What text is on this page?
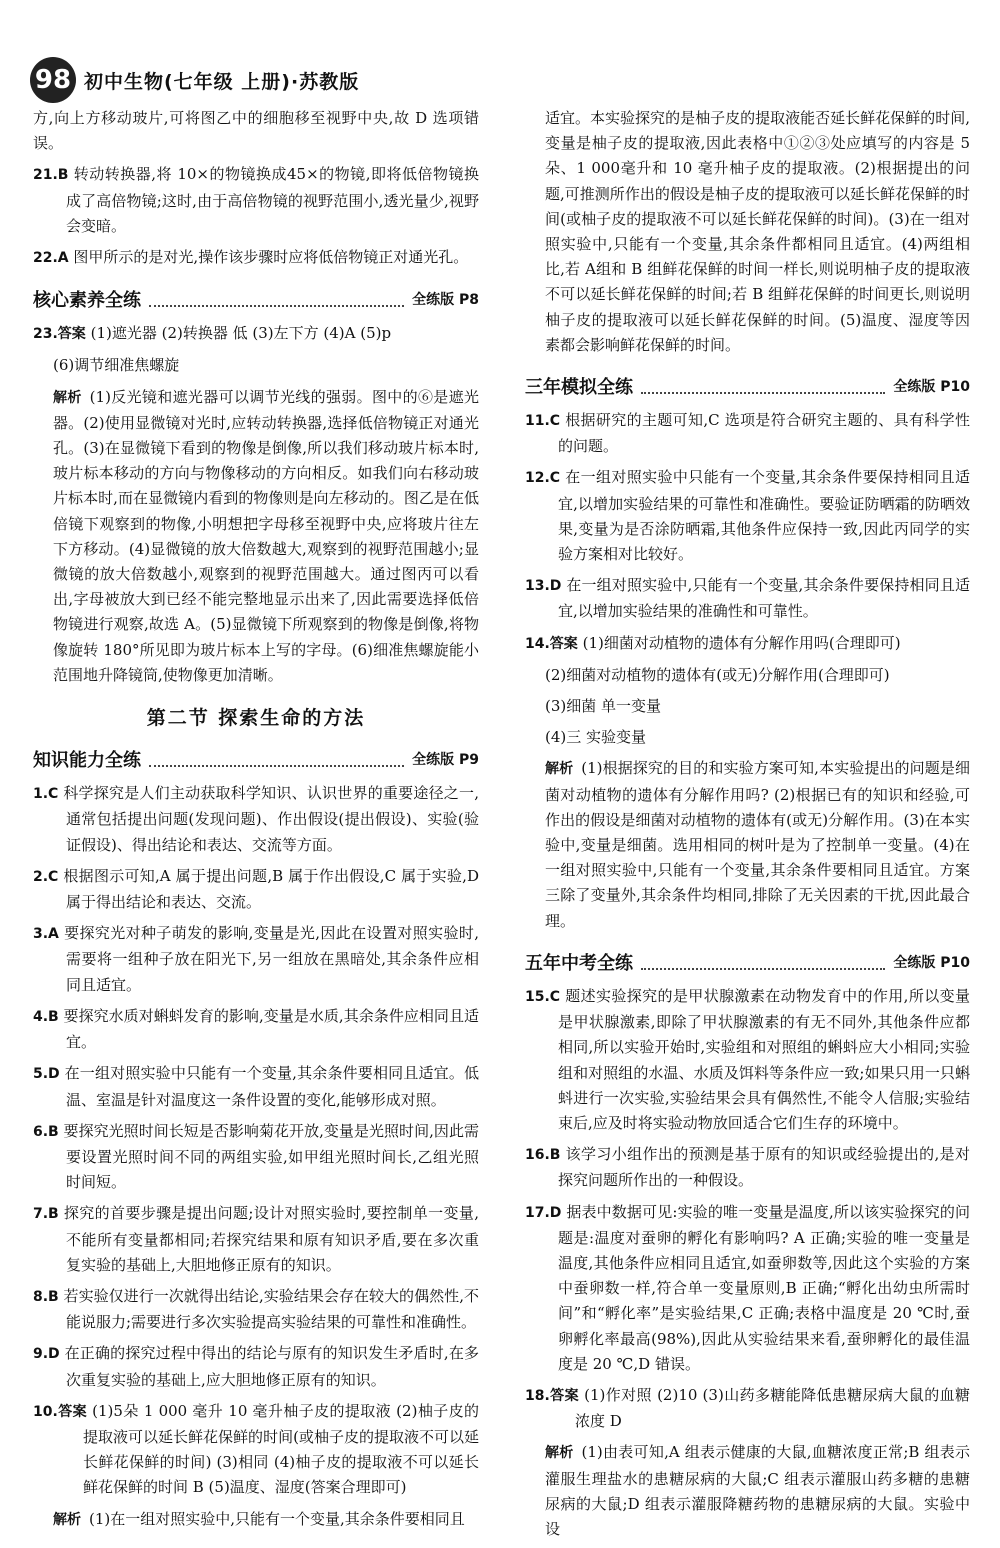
98 初中生物(七年级 上册)·苏教版

方,向上方移动玻片,可将图乙中的细胞移至视野中央,故 D 选项错误。

21.B 转动转换器,将 10×的物镜换成45×的物镜,即将低倍物镜换成了高倍物镜;这时,由于高倍物镜的视野范围小,透光量少,视野会变暗。

22.A 图甲所示的是对光,操作该步骤时应将低倍物镜正对通光孔。

核心素养全练	全练版 P8

23.答案 (1)遮光器 (2)转换器 低 (3)左下方 (4)A (5)p

(6)调节细准焦螺旋

解析 (1)反光镜和遮光器可以调节光线的强弱。图中的⑥是遮光器。(2)使用显微镜对光时,应转动转换器,选择低倍物镜正对通光孔。(3)在显微镜下看到的物像是倒像,所以我们移动玻片标本时,玻片标本移动的方向与物像移动的方向相反。如我们向右移动玻片标本时,而在显微镜内看到的物像则是向左移动的。图乙是在低倍镜下观察到的物像,小明想把字母移至视野中央,应将玻片往左下方移动。(4)显微镜的放大倍数越大,观察到的视野范围越小;显微镜的放大倍数越小,观察到的视野范围越大。通过图丙可以看出,字母被放大到已经不能完整地显示出来了,因此需要选择低倍物镜进行观察,故选 A。(5)显微镜下所观察到的物像是倒像,将物像旋转 180°所见即为玻片标本上写的字母。(6)细准焦螺旋能小范围地升降镜筒,使物像更加清晰。

第二节 探索生命的方法
知识能力全练	全练版 P9

1.C 科学探究是人们主动获取科学知识、认识世界的重要途径之一,通常包括提出问题(发现问题)、作出假设(提出假设)、实验(验证假设)、得出结论和表达、交流等方面。

2.C 根据图示可知,A 属于提出问题,B 属于作出假设,C 属于实验,D 属于得出结论和表达、交流。

3.A 要探究光对种子萌发的影响,变量是光,因此在设置对照实验时,需要将一组种子放在阳光下,另一组放在黑暗处,其余条件应相同且适宜。

4.B 要探究水质对蝌蚪发育的影响,变量是水质,其余条件应相同且适宜。

5.D 在一组对照实验中只能有一个变量,其余条件要相同且适宜。低温、室温是针对温度这一条件设置的变化,能够形成对照。

6.B 要探究光照时间长短是否影响菊花开放,变量是光照时间,因此需要设置光照时间不同的两组实验,如甲组光照时间长,乙组光照时间短。

7.B 探究的首要步骤是提出问题;设计对照实验时,要控制单一变量,不能所有变量都相同;若探究结果和原有知识矛盾,要在多次重复实验的基础上,大胆地修正原有的知识。

8.B 若实验仅进行一次就得出结论,实验结果会存在较大的偶然性,不能说服力;需要进行多次实验提高实验结果的可靠性和准确性。

9.D 在正确的探究过程中得出的结论与原有的知识发生矛盾时,在多次重复实验的基础上,应大胆地修正原有的知识。

10.答案 (1)5朵 1 000 毫升 10 毫升柚子皮的提取液 (2)柚子皮的提取液可以延长鲜花保鲜的时间(或柚子皮的提取液不可以延长鲜花保鲜的时间) (3)相同 (4)柚子皮的提取液不可以延长鲜花保鲜的时间 B (5)温度、湿度(答案合理即可)

解析 (1)在一组对照实验中,只能有一个变量,其余条件要相同且

适宜。本实验探究的是柚子皮的提取液能否延长鲜花保鲜的时间,变量是柚子皮的提取液,因此表格中①②③处应填写的内容是 5 朵、1 000毫升和 10 毫升柚子皮的提取液。(2)根据提出的问题,可推测所作出的假设是柚子皮的提取液可以延长鲜花保鲜的时间(或柚子皮的提取液不可以延长鲜花保鲜的时间)。(3)在一组对照实验中,只能有一个变量,其余条件都相同且适宜。(4)两组相比,若 A组和 B 组鲜花保鲜的时间一样长,则说明柚子皮的提取液不可以延长鲜花保鲜的时间;若 B 组鲜花保鲜的时间更长,则说明柚子皮的提取液可以延长鲜花保鲜的时间。(5)温度、湿度等因素都会影响鲜花保鲜的时间。

三年模拟全练	全练版 P10

11.C 根据研究的主题可知,C 选项是符合研究主题的、具有科学性的问题。

12.C 在一组对照实验中只能有一个变量,其余条件要保持相同且适宜,以增加实验结果的可靠性和准确性。要验证防晒霜的防晒效果,变量为是否涂防晒霜,其他条件应保持一致,因此丙同学的实验方案相对比较好。

13.D 在一组对照实验中,只能有一个变量,其余条件要保持相同且适宜,以增加实验结果的准确性和可靠性。

14.答案 (1)细菌对动植物的遗体有分解作用吗(合理即可)

(2)细菌对动植物的遗体有(或无)分解作用(合理即可)

(3)细菌 单一变量

(4)三 实验变量

解析 (1)根据探究的目的和实验方案可知,本实验提出的问题是细菌对动植物的遗体有分解作用吗? (2)根据已有的知识和经验,可作出的假设是细菌对动植物的遗体有(或无)分解作用。(3)在本实验中,变量是细菌。选用相同的树叶是为了控制单一变量。(4)在一组对照实验中,只能有一个变量,其余条件要相同且适宜。方案三除了变量外,其余条件均相同,排除了无关因素的干扰,因此最合理。

五年中考全练	全练版 P10

15.C 题述实验探究的是甲状腺激素在动物发育中的作用,所以变量是甲状腺激素,即除了甲状腺激素的有无不同外,其他条件应都相同,所以实验开始时,实验组和对照组的蝌蚪应大小相同;实验组和对照组的水温、水质及饵料等条件应一致;如果只用一只蝌蚪进行一次实验,实验结果会具有偶然性,不能令人信服;实验结束后,应及时将实验动物放回适合它们生存的环境中。

16.B 该学习小组作出的预测是基于原有的知识或经验提出的,是对探究问题所作出的一种假设。

17.D 据表中数据可见:实验的唯一变量是温度,所以该实验探究的问题是:温度对蚕卵的孵化有影响吗? A 正确;实验的唯一变量是温度,其他条件应相同且适宜,如蚕卵数等,因此这个实验的方案中蚕卵数一样,符合单一变量原则,B 正确;“孵化出幼虫所需时间”和“孵化率”是实验结果,C 正确;表格中温度是 20 ℃时,蚕卵孵化率最高(98%),因此从实验结果来看,蚕卵孵化的最佳温度是 20 ℃,D 错误。

18.答案 (1)作对照 (2)10 (3)山药多糖能降低患糖尿病大鼠的血糖浓度 D

解析 (1)由表可知,A 组表示健康的大鼠,血糖浓度正常;B 组表示灌服生理盐水的患糖尿病的大鼠;C 组表示灌服山药多糖的患糖尿病的大鼠;D 组表示灌服降糖药物的患糖尿病的大鼠。实验中设
